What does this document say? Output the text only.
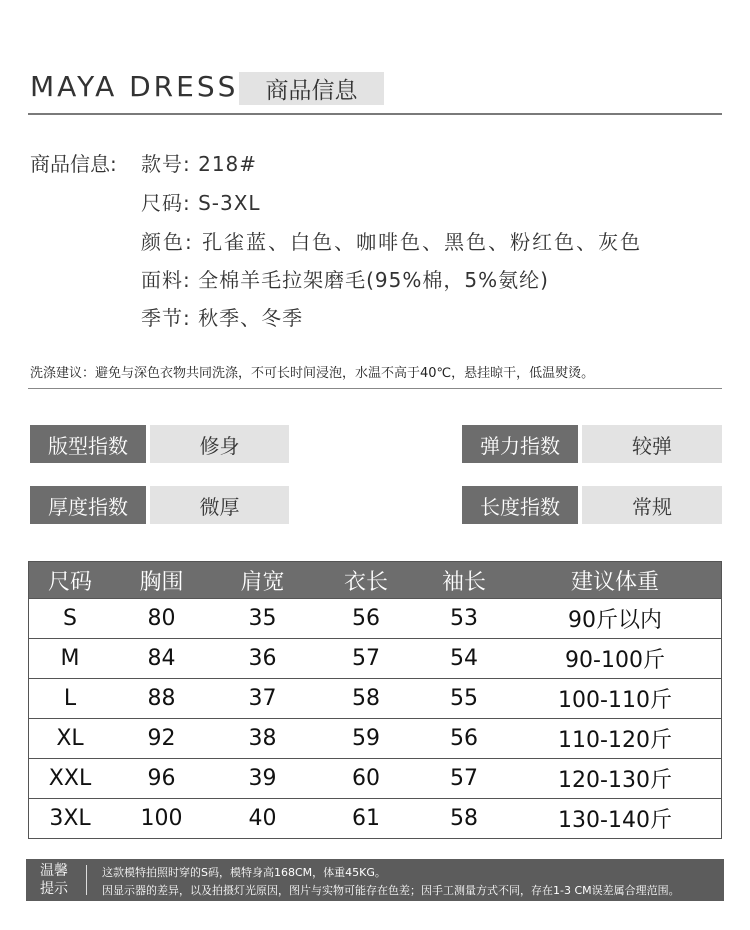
MAYA DRESS	商品信息
商品信息: 款号: 218#
尺码: S-3XL
颜色: 孔雀蓝、白色、咖啡色、黑色、粉红色、灰色
面料: 全棉羊毛拉架磨毛(95%棉，5%氨纶)
季节: 秋季、冬季
洗涤建议：避免与深色衣物共同洗涤，不可长时间浸泡，水温不高于40℃，悬挂晾干，低温熨烫。
版型指数	修身	弹力指数	较弹
厚度指数	微厚	长度指数	常规
尺码	胸围	肩宽	衣长	袖长	建议体重
S	80	35	56	53	90斤以内
M	84	36	57	54	90-100斤
L	88	37	58	55	100-110斤
XL	92	38	59	56	110-120斤
XXL	96	39	60	57	120-130斤
3XL	100	40	61	58	130-140斤
温馨
提示
这款模特拍照时穿的S码，模特身高168CM，体重45KG。
因显示器的差异，以及拍摄灯光原因，图片与实物可能存在色差；因手工测量方式不同，存在1-3 CM误差属合理范围。
